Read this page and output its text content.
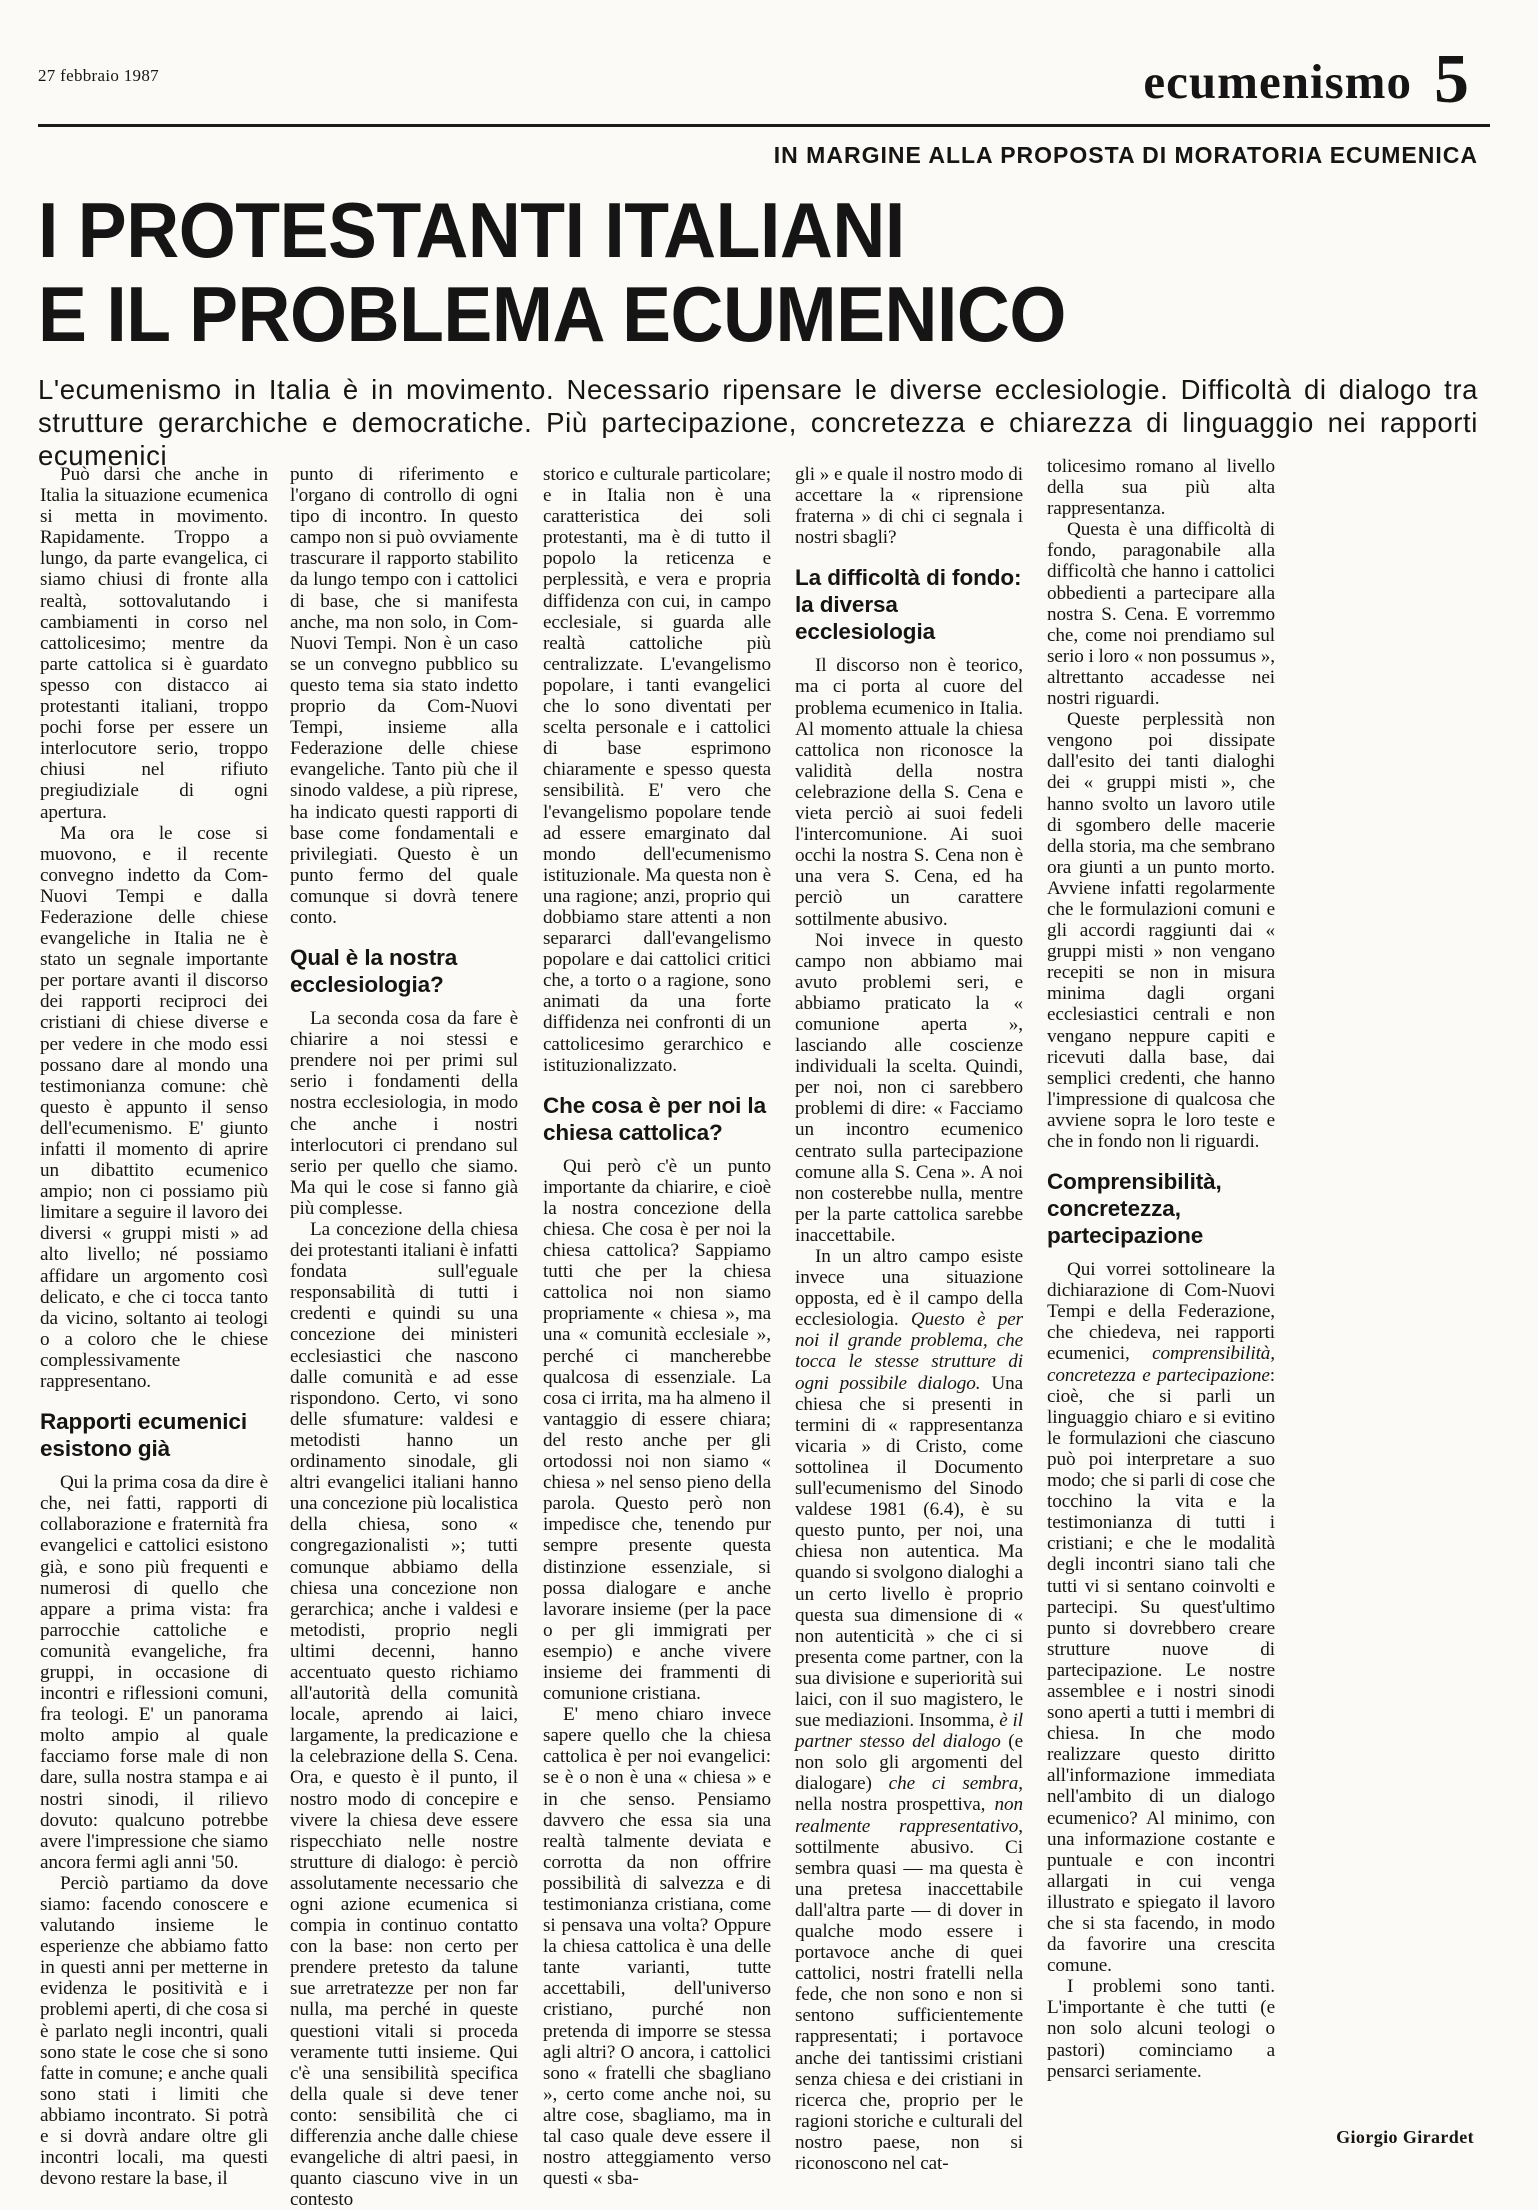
27 febbraio 1987	ecumenismo 5
IN MARGINE ALLA PROPOSTA DI MORATORIA ECUMENICA
I PROTESTANTI ITALIANI
E IL PROBLEMA ECUMENICO

L'ecumenismo in Italia è in movimento. Necessario ripensare le diverse ecclesiologie. Difficoltà di dialogo tra strutture gerarchiche e democratiche. Più partecipazione, concretezza e chiarezza di linguaggio nei rapporti ecumenici

Può darsi che anche in Italia la situazione ecumenica si metta in movimento. Rapidamente. Troppo a lungo, da parte evangelica, ci siamo chiusi di fronte alla realtà, sottovalutando i cambiamenti in corso nel cattolicesimo; mentre da parte cattolica si è guardato spesso con distacco ai protestanti italiani, troppo pochi forse per essere un interlocutore serio, troppo chiusi nel rifiuto pregiudiziale di ogni apertura.

Ma ora le cose si muovono, e il recente convegno indetto da Com-Nuovi Tempi e dalla Federazione delle chiese evangeliche in Italia ne è stato un segnale importante per portare avanti il discorso dei rapporti reciproci dei cristiani di chiese diverse e per vedere in che modo essi possano dare al mondo una testimonianza comune: chè questo è appunto il senso dell'ecumenismo. E' giunto infatti il momento di aprire un dibattito ecumenico ampio; non ci possiamo più limitare a seguire il lavoro dei diversi « gruppi misti » ad alto livello; né possiamo affidare un argomento così delicato, e che ci tocca tanto da vicino, soltanto ai teologi o a coloro che le chiese complessivamente rappresentano.

Rapporti ecumenici esistono già

Qui la prima cosa da dire è che, nei fatti, rapporti di collaborazione e fraternità fra evangelici e cattolici esistono già, e sono più frequenti e numerosi di quello che appare a prima vista: fra parrocchie cattoliche e comunità evangeliche, fra gruppi, in occasione di incontri e riflessioni comuni, fra teologi. E' un panorama molto ampio al quale facciamo forse male di non dare, sulla nostra stampa e ai nostri sinodi, il rilievo dovuto: qualcuno potrebbe avere l'impressione che siamo ancora fermi agli anni '50.

Perciò partiamo da dove siamo: facendo conoscere e valutando insieme le esperienze che abbiamo fatto in questi anni per metterne in evidenza le positività e i problemi aperti, di che cosa si è parlato negli incontri, quali sono state le cose che si sono fatte in comune; e anche quali sono stati i limiti che abbiamo incontrato. Si potrà e si dovrà andare oltre gli incontri locali, ma questi devono restare la base, il

punto di riferimento e l'organo di controllo di ogni tipo di incontro. In questo campo non si può ovviamente trascurare il rapporto stabilito da lungo tempo con i cattolici di base, che si manifesta anche, ma non solo, in Com-Nuovi Tempi. Non è un caso se un convegno pubblico su questo tema sia stato indetto proprio da Com-Nuovi Tempi, insieme alla Federazione delle chiese evangeliche. Tanto più che il sinodo valdese, a più riprese, ha indicato questi rapporti di base come fondamentali e privilegiati. Questo è un punto fermo del quale comunque si dovrà tenere conto.

Qual è la nostra ecclesiologia?

La seconda cosa da fare è chiarire a noi stessi e prendere noi per primi sul serio i fondamenti della nostra ecclesiologia, in modo che anche i nostri interlocutori ci prendano sul serio per quello che siamo. Ma qui le cose si fanno già più complesse.

La concezione della chiesa dei protestanti italiani è infatti fondata sull'eguale responsabilità di tutti i credenti e quindi su una concezione dei ministeri ecclesiastici che nascono dalle comunità e ad esse rispondono. Certo, vi sono delle sfumature: valdesi e metodisti hanno un ordinamento sinodale, gli altri evangelici italiani hanno una concezione più localistica della chiesa, sono « congregazionalisti »; tutti comunque abbiamo della chiesa una concezione non gerarchica; anche i valdesi e metodisti, proprio negli ultimi decenni, hanno accentuato questo richiamo all'autorità della comunità locale, aprendo ai laici, largamente, la predicazione e la celebrazione della S. Cena. Ora, e questo è il punto, il nostro modo di concepire e vivere la chiesa deve essere rispecchiato nelle nostre strutture di dialogo: è perciò assolutamente necessario che ogni azione ecumenica si compia in continuo contatto con la base: non certo per prendere pretesto da talune sue arretratezze per non far nulla, ma perché in queste questioni vitali si proceda veramente tutti insieme. Qui c'è una sensibilità specifica della quale si deve tener conto: sensibilità che ci differenzia anche dalle chiese evangeliche di altri paesi, in quanto ciascuno vive in un contesto

storico e culturale particolare; e in Italia non è una caratteristica dei soli protestanti, ma è di tutto il popolo la reticenza e perplessità, e vera e propria diffidenza con cui, in campo ecclesiale, si guarda alle realtà cattoliche più centralizzate. L'evangelismo popolare, i tanti evangelici che lo sono diventati per scelta personale e i cattolici di base esprimono chiaramente e spesso questa sensibilità. E' vero che l'evangelismo popolare tende ad essere emarginato dal mondo dell'ecumenismo istituzionale. Ma questa non è una ragione; anzi, proprio qui dobbiamo stare attenti a non separarci dall'evangelismo popolare e dai cattolici critici che, a torto o a ragione, sono animati da una forte diffidenza nei confronti di un cattolicesimo gerarchico e istituzionalizzato.

Che cosa è per noi la chiesa cattolica?

Qui però c'è un punto importante da chiarire, e cioè la nostra concezione della chiesa. Che cosa è per noi la chiesa cattolica? Sappiamo tutti che per la chiesa cattolica noi non siamo propriamente « chiesa », ma una « comunità ecclesiale », perché ci mancherebbe qualcosa di essenziale. La cosa ci irrita, ma ha almeno il vantaggio di essere chiara; del resto anche per gli ortodossi noi non siamo « chiesa » nel senso pieno della parola. Questo però non impedisce che, tenendo pur sempre presente questa distinzione essenziale, si possa dialogare e anche lavorare insieme (per la pace o per gli immigrati per esempio) e anche vivere insieme dei frammenti di comunione cristiana.

E' meno chiaro invece sapere quello che la chiesa cattolica è per noi evangelici: se è o non è una « chiesa » e in che senso. Pensiamo davvero che essa sia una realtà talmente deviata e corrotta da non offrire possibilità di salvezza e di testimonianza cristiana, come si pensava una volta? Oppure la chiesa cattolica è una delle tante varianti, tutte accettabili, dell'universo cristiano, purché non pretenda di imporre se stessa agli altri? O ancora, i cattolici sono « fratelli che sbagliano », certo come anche noi, su altre cose, sbagliamo, ma in tal caso quale deve essere il nostro atteggiamento verso questi « sba-

gli » e quale il nostro modo di accettare la « riprensione fraterna » di chi ci segnala i nostri sbagli?

La difficoltà di fondo: la diversa ecclesiologia

Il discorso non è teorico, ma ci porta al cuore del problema ecumenico in Italia. Al momento attuale la chiesa cattolica non riconosce la validità della nostra celebrazione della S. Cena e vieta perciò ai suoi fedeli l'intercomunione. Ai suoi occhi la nostra S. Cena non è una vera S. Cena, ed ha perciò un carattere sottilmente abusivo.

Noi invece in questo campo non abbiamo mai avuto problemi seri, e abbiamo praticato la « comunione aperta », lasciando alle coscienze individuali la scelta. Quindi, per noi, non ci sarebbero problemi di dire: « Facciamo un incontro ecumenico centrato sulla partecipazione comune alla S. Cena ». A noi non costerebbe nulla, mentre per la parte cattolica sarebbe inaccettabile.

In un altro campo esiste invece una situazione opposta, ed è il campo della ecclesiologia. Questo è per noi il grande problema, che tocca le stesse strutture di ogni possibile dialogo. Una chiesa che si presenti in termini di « rappresentanza vicaria » di Cristo, come sottolinea il Documento sull'ecumenismo del Sinodo valdese 1981 (6.4), è su questo punto, per noi, una chiesa non autentica. Ma quando si svolgono dialoghi a un certo livello è proprio questa sua dimensione di « non autenticità » che ci si presenta come partner, con la sua divisione e superiorità sui laici, con il suo magistero, le sue mediazioni. Insomma, è il partner stesso del dialogo (e non solo gli argomenti del dialogare) che ci sembra, nella nostra prospettiva, non realmente rappresentativo, sottilmente abusivo. Ci sembra quasi — ma questa è una pretesa inaccettabile dall'altra parte — di dover in qualche modo essere i portavoce anche di quei cattolici, nostri fratelli nella fede, che non sono e non si sentono sufficientemente rappresentati; i portavoce anche dei tantissimi cristiani senza chiesa e dei cristiani in ricerca che, proprio per le ragioni storiche e culturali del nostro paese, non si riconoscono nel cat-

tolicesimo romano al livello della sua più alta rappresentanza.

Questa è una difficoltà di fondo, paragonabile alla difficoltà che hanno i cattolici obbedienti a partecipare alla nostra S. Cena. E vorremmo che, come noi prendiamo sul serio i loro « non possumus », altrettanto accadesse nei nostri riguardi.

Queste perplessità non vengono poi dissipate dall'esito dei tanti dialoghi dei « gruppi misti », che hanno svolto un lavoro utile di sgombero delle macerie della storia, ma che sembrano ora giunti a un punto morto. Avviene infatti regolarmente che le formulazioni comuni e gli accordi raggiunti dai « gruppi misti » non vengano recepiti se non in misura minima dagli organi ecclesiastici centrali e non vengano neppure capiti e ricevuti dalla base, dai semplici credenti, che hanno l'impressione di qualcosa che avviene sopra le loro teste e che in fondo non li riguardi.

Comprensibilità, concretezza, partecipazione

Qui vorrei sottolineare la dichiarazione di Com-Nuovi Tempi e della Federazione, che chiedeva, nei rapporti ecumenici, comprensibilità, concretezza e partecipazione: cioè, che si parli un linguaggio chiaro e si evitino le formulazioni che ciascuno può poi interpretare a suo modo; che si parli di cose che tocchino la vita e la testimonianza di tutti i cristiani; e che le modalità degli incontri siano tali che tutti vi si sentano coinvolti e partecipi. Su quest'ultimo punto si dovrebbero creare strutture nuove di partecipazione. Le nostre assemblee e i nostri sinodi sono aperti a tutti i membri di chiesa. In che modo realizzare questo diritto all'informazione immediata nell'ambito di un dialogo ecumenico? Al minimo, con una informazione costante e puntuale e con incontri allargati in cui venga illustrato e spiegato il lavoro che si sta facendo, in modo da favorire una crescita comune.

I problemi sono tanti. L'importante è che tutti (e non solo alcuni teologi o pastori) cominciamo a pensarci seriamente.

Giorgio Girardet
